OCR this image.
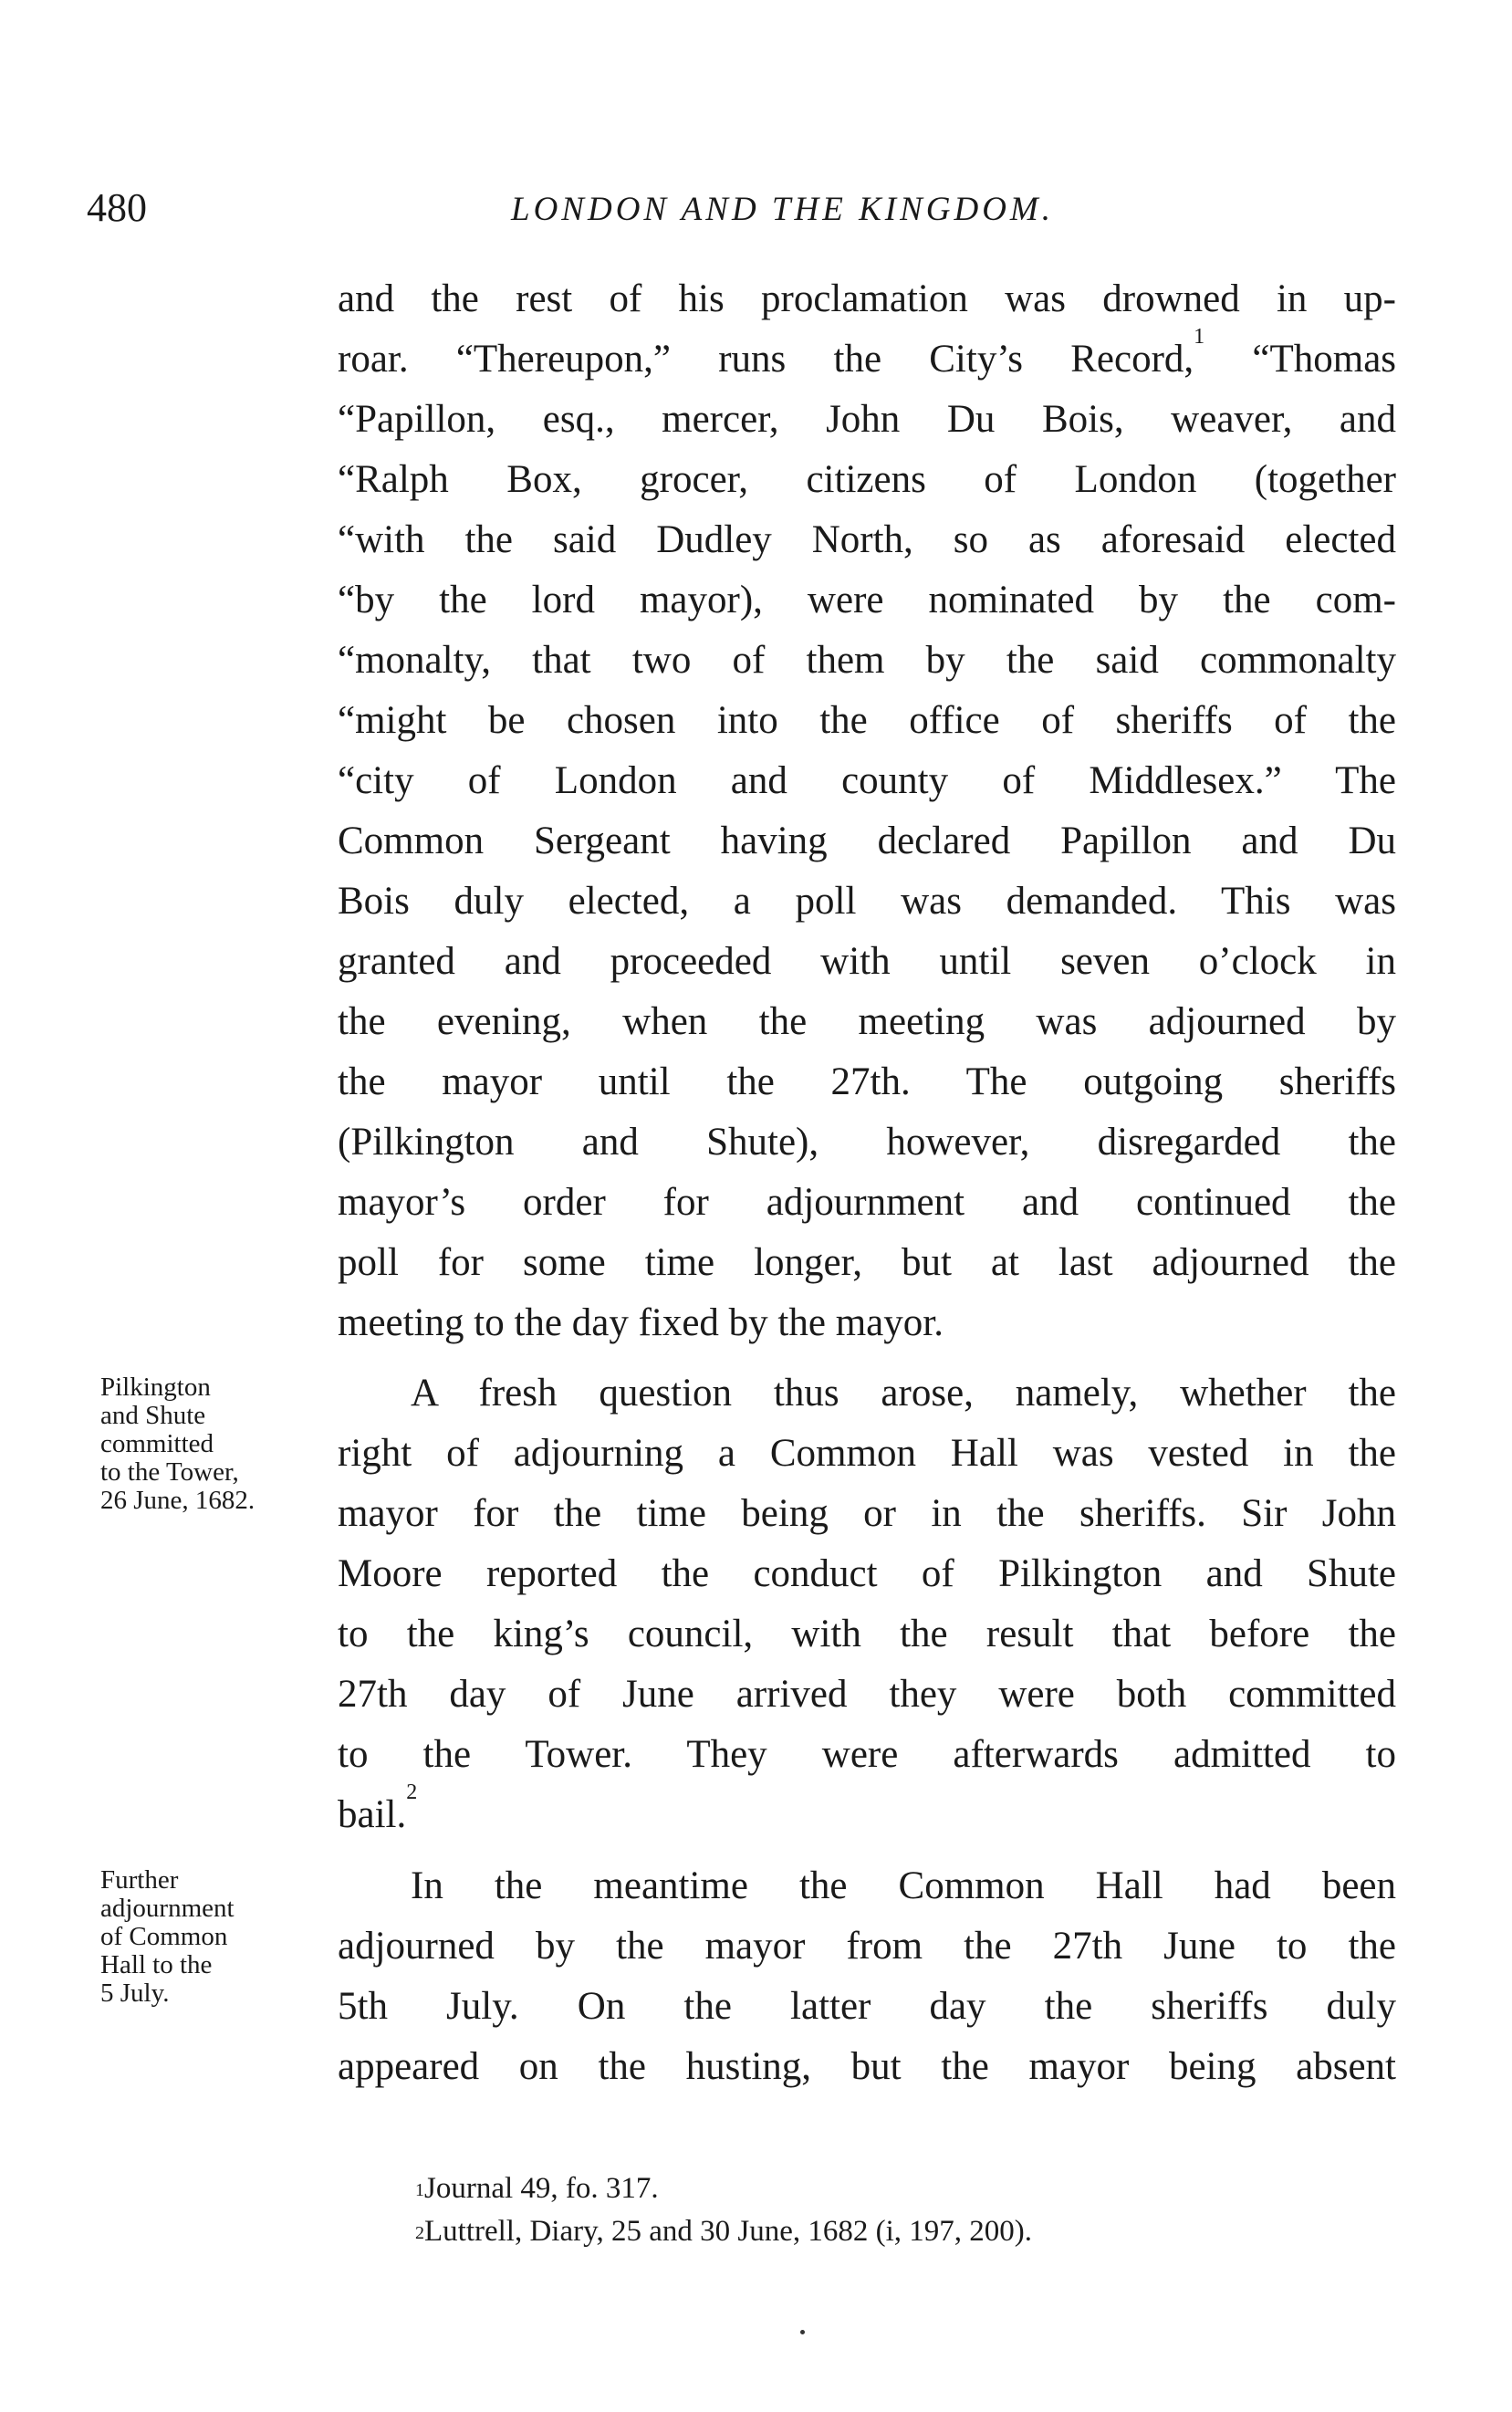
480	LONDON AND THE KINGDOM.
and the rest of his proclamation was drowned in up-
roar. “Thereupon,” runs the City’s Record,$^1$ “Thomas
“Papillon, esq., mercer, John Du Bois, weaver, and
“Ralph Box, grocer, citizens of London (together
“with the said Dudley North, so as aforesaid elected
“by the lord mayor), were nominated by the com-
“monalty, that two of them by the said commonalty
“might be chosen into the office of sheriffs of the
“city of London and county of Middlesex.” The
Common Sergeant having declared Papillon and Du
Bois duly elected, a poll was demanded. This was
granted and proceeded with until seven o’clock in
the evening, when the meeting was adjourned by
the mayor until the 27th. The outgoing sheriffs
(Pilkington and Shute), however, disregarded the
mayor’s order for adjournment and continued the
poll for some time longer, but at last adjourned the
meeting to the day fixed by the mayor.
Pilkington
and Shute
committed
to the Tower,
26 June, 1682.
A fresh question thus arose, namely, whether the
right of adjourning a Common Hall was vested in the
mayor for the time being or in the sheriffs. Sir John
Moore reported the conduct of Pilkington and Shute
to the king’s council, with the result that before the
27th day of June arrived they were both committed
to the Tower. They were afterwards admitted to
bail.$^2$
Further
adjournment
of Common
Hall to the
5 July.
In the meantime the Common Hall had been
adjourned by the mayor from the 27th June to the
5th July. On the latter day the sheriffs duly
appeared on the husting, but the mayor being absent
$^1$Journal 49, fo. 317.
$^2$Luttrell, Diary, 25 and 30 June, 1682 (i, 197, 200).
